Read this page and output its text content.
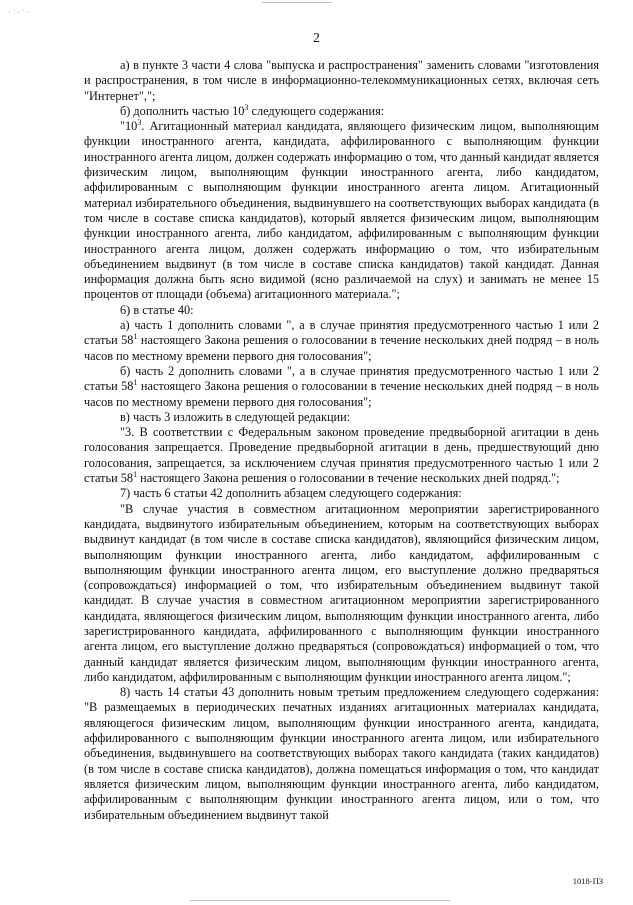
· ˙ · ˙ ·
2

а) в пункте 3 части 4 слова "выпуска и распространения" заменить словами "изготовления и распространения, в том числе в информационно-телекоммуникационных сетях, включая сеть "Интернет",";

б) дополнить частью $10^3$ следующего содержания:

"$10^3$. Агитационный материал кандидата, являющего физическим лицом, выполняющим функции иностранного агента, кандидата, аффилированного с выполняющим функции иностранного агента лицом, должен содержать информацию о том, что данный кандидат является физическим лицом, выполняющим функции иностранного агента, либо кандидатом, аффилированным с выполняющим функции иностранного агента лицом. Агитационный материал избирательного объединения, выдвинувшего на соответствующих выборах кандидата (в том числе в составе списка кандидатов), который является физическим лицом, выполняющим функции иностранного агента, либо кандидатом, аффилированным с выполняющим функции иностранного агента лицом, должен содержать информацию о том, что избирательным объединением выдвинут (в том числе в составе списка кандидатов) такой кандидат. Данная информация должна быть ясно видимой (ясно различаемой на слух) и занимать не менее 15 процентов от площади (объема) агитационного материала.";

6) в статье 40:

а) часть 1 дополнить словами ", а в случае принятия предусмотренного частью 1 или 2 статьи $58^1$ настоящего Закона решения о голосовании в течение нескольких дней подряд – в ноль часов по местному времени первого дня голосования";

б) часть 2 дополнить словами ", а в случае принятия предусмотренного частью 1 или 2 статьи $58^1$ настоящего Закона решения о голосовании в течение нескольких дней подряд – в ноль часов по местному времени первого дня голосования";

в) часть 3 изложить в следующей редакции:

"3. В соответствии с Федеральным законом проведение предвыборной агитации в день голосования запрещается. Проведение предвыборной агитации в день, предшествующий дню голосования, запрещается, за исключением случая принятия предусмотренного частью 1 или 2 статьи $58^1$ настоящего Закона решения о голосовании в течение нескольких дней подряд.";

7) часть 6 статьи 42 дополнить абзацем следующего содержания:

"В случае участия в совместном агитационном мероприятии зарегистрированного кандидата, выдвинутого избирательным объединением, которым на соответствующих выборах выдвинут кандидат (в том числе в составе списка кандидатов), являющийся физическим лицом, выполняющим функции иностранного агента, либо кандидатом, аффилированным с выполняющим функции иностранного агента лицом, его выступление должно предваряться (сопровождаться) информацией о том, что избирательным объединением выдвинут такой кандидат. В случае участия в совместном агитационном мероприятии зарегистрированного кандидата, являющегося физическим лицом, выполняющим функции иностранного агента, либо зарегистрированного кандидата, аффилированного с выполняющим функции иностранного агента лицом, его выступление должно предваряться (сопровождаться) информацией о том, что данный кандидат является физическим лицом, выполняющим функции иностранного агента, либо кандидатом, аффилированным с выполняющим функции иностранного агента лицом.";

8) часть 14 статьи 43 дополнить новым третьим предложением следующего содержания: "В размещаемых в периодических печатных изданиях агитационных материалах кандидата, являющегося физическим лицом, выполняющим функции иностранного агента, кандидата, аффилированного с выполняющим функции иностранного агента лицом, или избирательного объединения, выдвинувшего на соответствующих выборах такого кандидата (таких кандидатов) (в том числе в составе списка кандидатов), должна помещаться информация о том, что кандидат является физическим лицом, выполняющим функции иностранного агента, либо кандидатом, аффилированным с выполняющим функции иностранного агента лицом, или о том, что избирательным объединением выдвинут такой

1018-ПЗ
